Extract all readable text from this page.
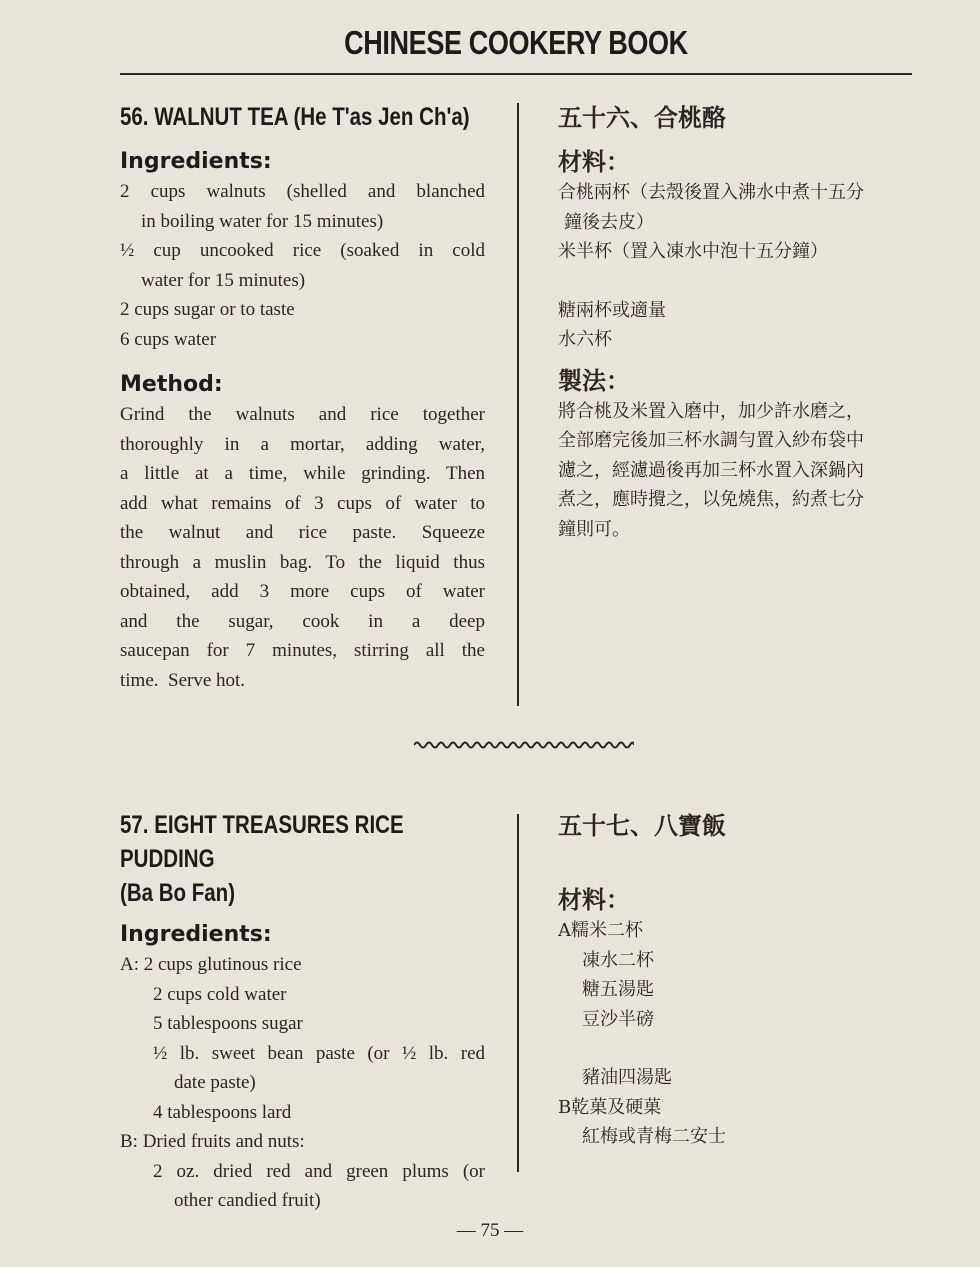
CHINESE COOKERY BOOK
56. WALNUT TEA (He T'as Jen Ch'a)
Ingredients:
2 cups walnuts (shelled and blanched
in boiling water for 15 minutes)
½ cup uncooked rice (soaked in cold
water for 15 minutes)
2 cups sugar or to taste
6 cups water
Method:
Grind the walnuts and rice together
thoroughly in a mortar, adding water,
a little at a time, while grinding. Then
add what remains of 3 cups of water to
the walnut and rice paste. Squeeze
through a muslin bag. To the liquid thus
obtained, add 3 more cups of water
and the sugar, cook in a deep
saucepan for 7 minutes, stirring all the
time.  Serve hot.
五十六、合桃酪
材料：
合桃兩杯（去殼後置入沸水中煮十五分
鐘後去皮）
米半杯（置入凍水中泡十五分鐘）
糖兩杯或適量
水六杯
製法：
將合桃及米置入磨中，加少許水磨之，
全部磨完後加三杯水調勻置入紗布袋中
濾之，經濾過後再加三杯水置入深鍋內
煮之，應時攪之，以免燒焦，約煮七分
鐘則可。
57. EIGHT TREASURES RICE PUDDING
(Ba Bo Fan)
Ingredients:
A: 2 cups glutinous rice
2 cups cold water
5 tablespoons sugar
½ lb. sweet bean paste (or ½ lb. red
date paste)
4 tablespoons lard
B: Dried fruits and nuts:
2 oz. dried red and green plums (or
other candied fruit)
五十七、八寶飯
材料：
A糯米二杯
凍水二杯
糖五湯匙
豆沙半磅
豬油四湯匙
B乾菓及硬菓
紅梅或青梅二安士
— 75 —
